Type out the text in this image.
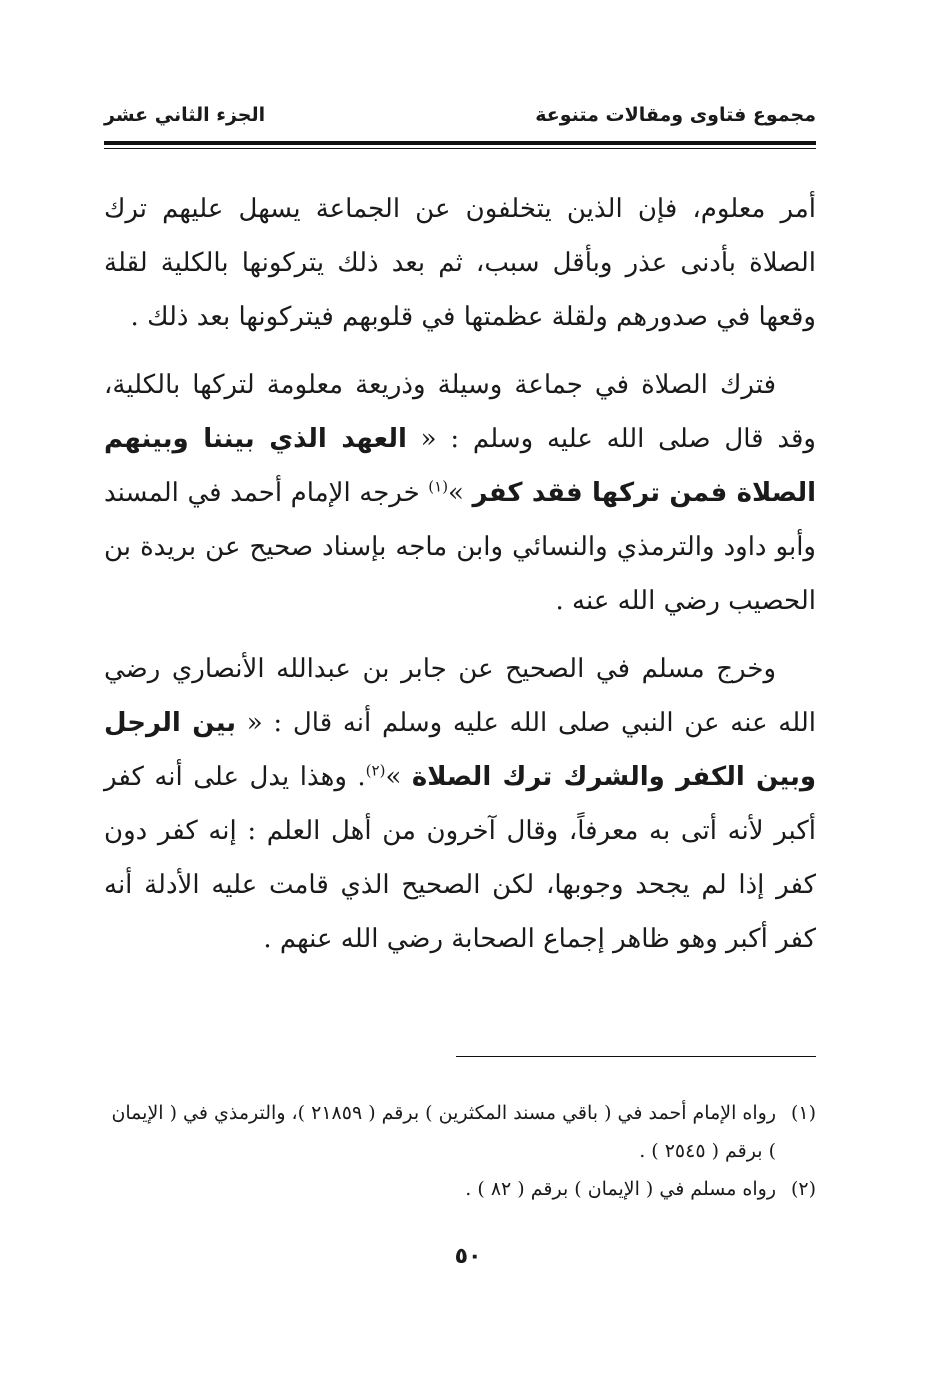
مجموع فتاوى ومقالات متنوعة
الجزء الثاني عشر

أمر معلوم، فإن الذين يتخلفون عن الجماعة يسهل عليهم ترك الصلاة بأدنى عذر وبأقل سبب، ثم بعد ذلك يتركونها بالكلية لقلة وقعها في صدورهم ولقلة عظمتها في قلوبهم فيتركونها بعد ذلك .

فترك الصلاة في جماعة وسيلة وذريعة معلومة لتركها بالكلية، وقد قال صلى الله عليه وسلم : « العهد الذي بيننا وبينهم الصلاة فمن تركها فقد كفر »$^{(١)}$ خرجه الإمام أحمد في المسند وأبو داود والترمذي والنسائي وابن ماجه بإسناد صحيح عن بريدة بن الحصيب رضي الله عنه .

وخرج مسلم في الصحيح عن جابر بن عبدالله الأنصاري رضي الله عنه عن النبي صلى الله عليه وسلم أنه قال : « بين الرجل وبين الكفر والشرك ترك الصلاة »$^{(٢)}$. وهذا يدل على أنه كفر أكبر لأنه أتى به معرفاً، وقال آخرون من أهل العلم : إنه كفر دون كفر إذا لم يجحد وجوبها، لكن الصحيح الذي قامت عليه الأدلة أنه كفر أكبر وهو ظاهر إجماع الصحابة رضي الله عنهم .

(١)
رواه الإمام أحمد في ( باقي مسند المكثرين ) برقم ( ٢١٨٥٩ )، والترمذي في ( الإيمان ) برقم ( ٢٥٤٥ ) .

(٢)
رواه مسلم في ( الإيمان ) برقم ( ٨٢ ) .

٥٠
